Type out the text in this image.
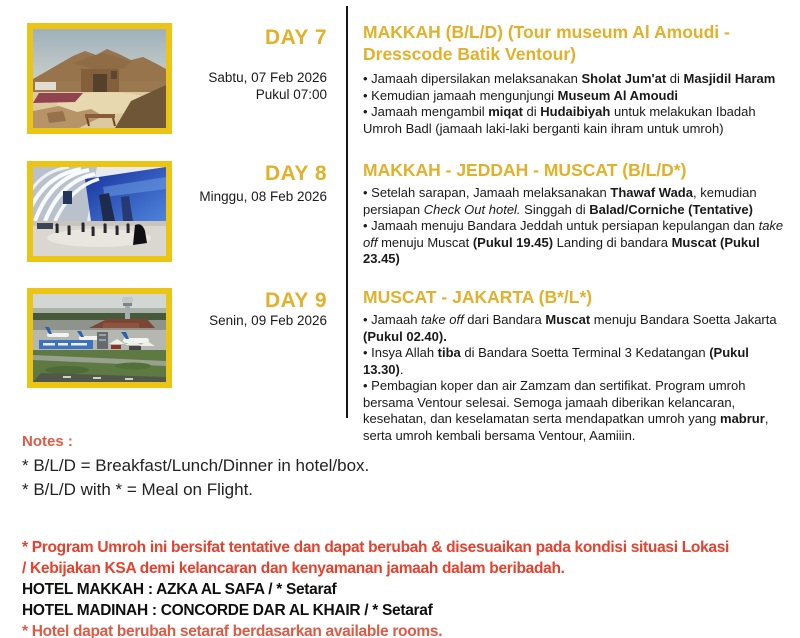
DAY 7
Sabtu, 07 Feb 2026
Pukul 07:00
MAKKAH (B/L/D) (Tour museum Al Amoudi - Dresscode Batik Ventour)
• Jamaah dipersilakan melaksanakan Sholat Jum'at di Masjidil Haram
• Kemudian jamaah mengunjungi Museum Al Amoudi
• Jamaah mengambil miqat di Hudaibiyah untuk melakukan Ibadah Umroh Badl (jamaah laki-laki berganti kain ihram untuk umroh)
DAY 8
Minggu, 08 Feb 2026
MAKKAH - JEDDAH - MUSCAT (B/L/D*)
• Setelah sarapan, Jamaah melaksanakan Thawaf Wada, kemudian persiapan Check Out hotel. Singgah di Balad/Corniche (Tentative)
• Jamaah menuju Bandara Jeddah untuk persiapan kepulangan dan take off menuju Muscat (Pukul 19.45) Landing di bandara Muscat (Pukul 23.45)
DAY 9
Senin, 09 Feb 2026
MUSCAT - JAKARTA (B*/L*)
• Jamaah take off dari Bandara Muscat menuju Bandara Soetta Jakarta (Pukul 02.40).
• Insya Allah tiba di Bandara Soetta Terminal 3 Kedatangan (Pukul 13.30).
• Pembagian koper dan air Zamzam dan sertifikat. Program umroh bersama Ventour selesai. Semoga jamaah diberikan kelancaran, kesehatan, dan keselamatan serta mendapatkan umroh yang mabrur, serta umroh kembali bersama Ventour, Aamiiin.
Notes :
* B/L/D = Breakfast/Lunch/Dinner in hotel/box.
* B/L/D with * = Meal on Flight.
* Program Umroh ini bersifat tentative dan dapat berubah & disesuaikan pada kondisi situasi Lokasi
/ Kebijakan KSA demi kelancaran dan kenyamanan jamaah dalam beribadah.
HOTEL MAKKAH : AZKA AL SAFA / * Setaraf
HOTEL MADINAH : CONCORDE DAR AL KHAIR / * Setaraf
* Hotel dapat berubah setaraf berdasarkan available rooms.
